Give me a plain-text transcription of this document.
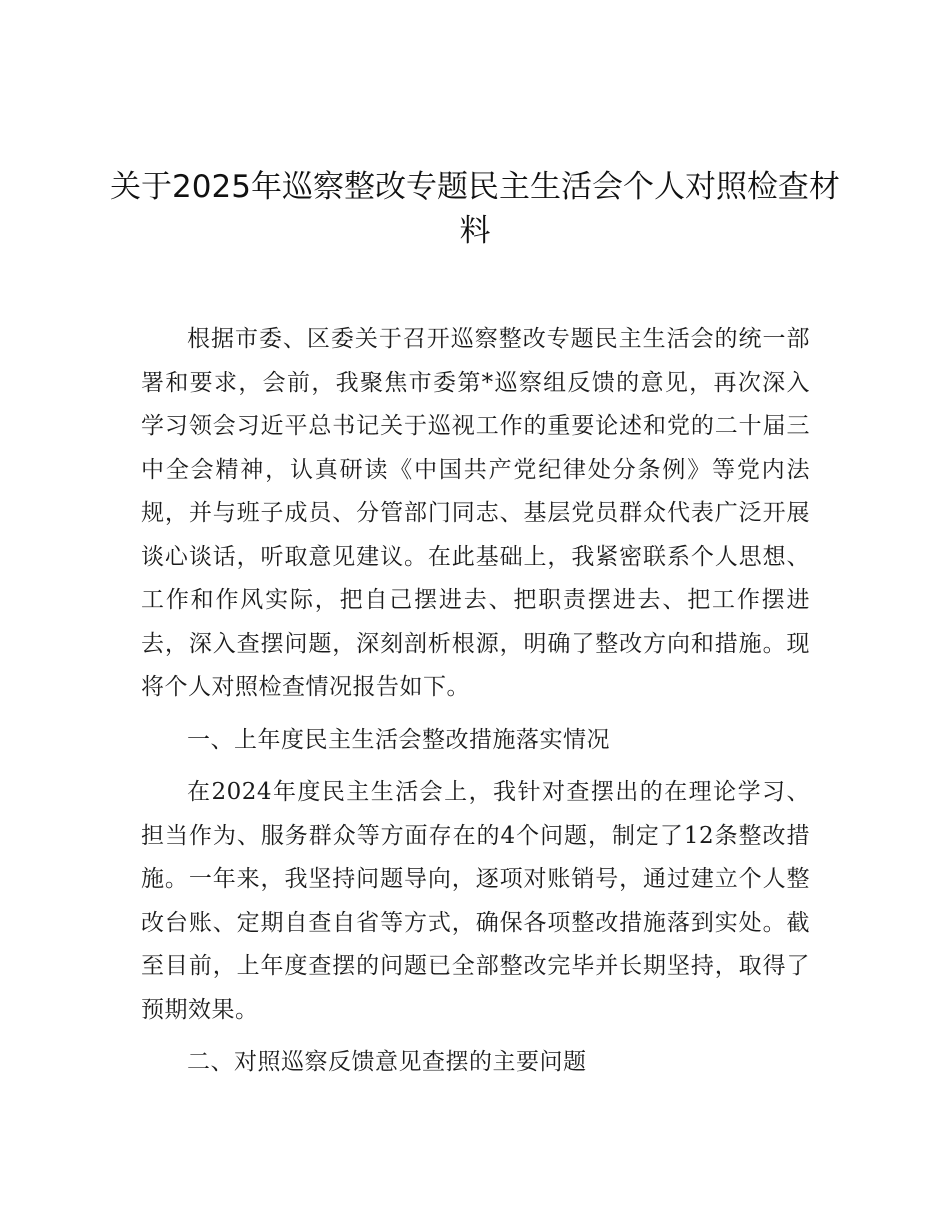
关于2025年巡察整改专题民主生活会个人对照检查材料

根据市委、区委关于召开巡察整改专题民主生活会的统一部署和要求，会前，我聚焦市委第*巡察组反馈的意见，再次深入学习领会习近平总书记关于巡视工作的重要论述和党的二十届三中全会精神，认真研读《中国共产党纪律处分条例》等党内法规，并与班子成员、分管部门同志、基层党员群众代表广泛开展谈心谈话，听取意见建议。在此基础上，我紧密联系个人思想、工作和作风实际，把自己摆进去、把职责摆进去、把工作摆进去，深入查摆问题，深刻剖析根源，明确了整改方向和措施。现将个人对照检查情况报告如下。

一、上年度民主生活会整改措施落实情况

在2024年度民主生活会上，我针对查摆出的在理论学习、担当作为、服务群众等方面存在的4个问题，制定了12条整改措施。一年来，我坚持问题导向，逐项对账销号，通过建立个人整改台账、定期自查自省等方式，确保各项整改措施落到实处。截至目前，上年度查摆的问题已全部整改完毕并长期坚持，取得了预期效果。

二、对照巡察反馈意见查摆的主要问题
